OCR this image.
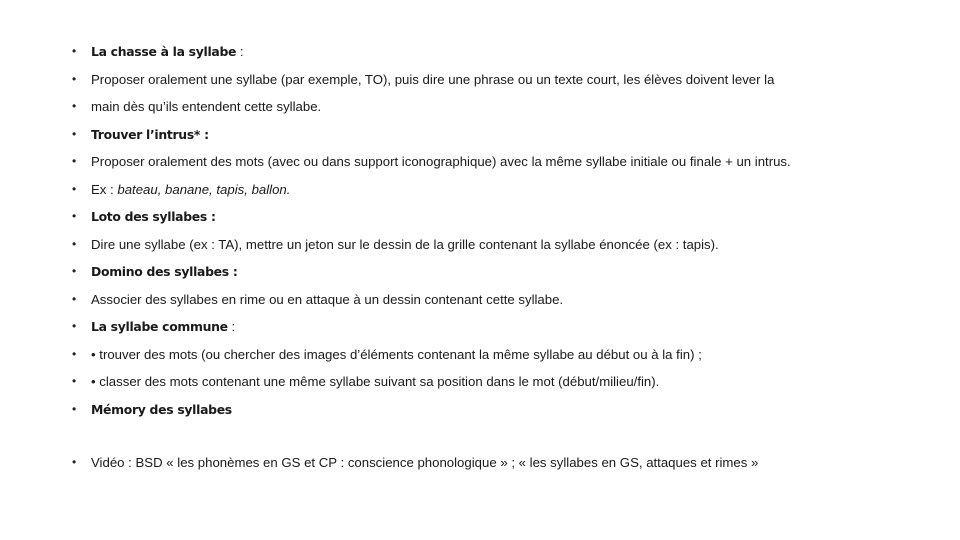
• La chasse à la syllabe :
• Proposer oralement une syllabe (par exemple, TO), puis dire une phrase ou un texte court, les élèves doivent lever la
• main dès qu’ils entendent cette syllabe.
• Trouver l’intrus* :
• Proposer oralement des mots (avec ou dans support iconographique) avec la même syllabe initiale ou finale + un intrus.
• Ex : bateau, banane, tapis, ballon.
• Loto des syllabes :
• Dire une syllabe (ex : TA), mettre un jeton sur le dessin de la grille contenant la syllabe énoncée (ex : tapis).
• Domino des syllabes :
• Associer des syllabes en rime ou en attaque à un dessin contenant cette syllabe.
• La syllabe commune :
• • trouver des mots (ou chercher des images d’éléments contenant la même syllabe au début ou à la fin) ;
• • classer des mots contenant une même syllabe suivant sa position dans le mot (début/milieu/fin).
• Mémory des syllabes
• Vidéo : BSD « les phonèmes en GS et CP : conscience phonologique » ; « les syllabes en GS, attaques et rimes »
